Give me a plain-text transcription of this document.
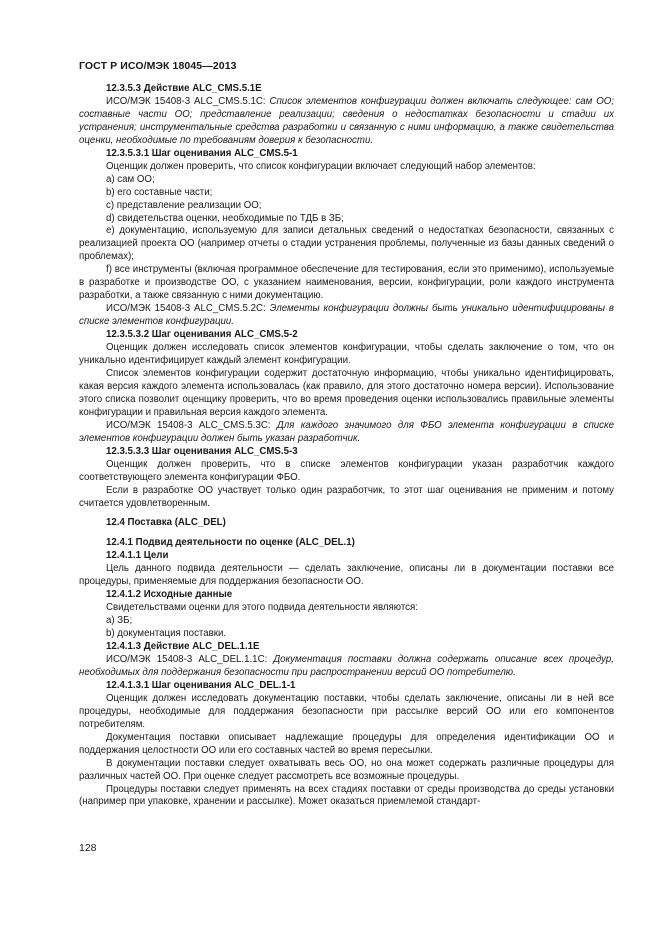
ГОСТ Р ИСО/МЭК 18045—2013

12.3.5.3 Действие ALC_CMS.5.1Е

ИСО/МЭК 15408-3 ALC_CMS.5.1C: Список элементов конфигурации должен включать следующее: сам ОО; составные части ОО; представление реализации; сведения о недостатках безопасности и стадии их устранения; инструментальные средства разработки и связанную с ними информацию, а также свидетельства оценки, необходимые по требованиям доверия к безопасности.

12.3.5.3.1 Шаг оценивания ALC_CMS.5-1

Оценщик должен проверить, что список конфигурации включает следующий набор элементов:

a) сам ОО;

b) его составные части;

c) представление реализации ОО;

d) свидетельства оценки, необходимые по ТДБ в ЗБ;

e) документацию, используемую для записи детальных сведений о недостатках безопасности, связанных с реализацией проекта ОО (например отчеты о стадии устранения проблемы, полученные из базы данных сведений о проблемах);

f) все инструменты (включая программное обеспечение для тестирования, если это применимо), используемые в разработке и производстве ОО, с указанием наименования, версии, конфигурации, роли каждого инструмента разработки, а также связанную с ними документацию.

ИСО/МЭК 15408-3 ALC_CMS.5.2C: Элементы конфигурации должны быть уникально идентифицированы в списке элементов конфигурации.

12.3.5.3.2 Шаг оценивания ALC_CMS.5-2

Оценщик должен исследовать список элементов конфигурации, чтобы сделать заключение о том, что он уникально идентифицирует каждый элемент конфигурации.

Список элементов конфигурации содержит достаточную информацию, чтобы уникально идентифицировать, какая версия каждого элемента использовалась (как правило, для этого достаточно номера версии). Использование этого списка позволит оценщику проверить, что во время проведения оценки использовались правильные элементы конфигурации и правильная версия каждого элемента.

ИСО/МЭК 15408-3 ALC_CMS.5.3C: Для каждого значимого для ФБО элемента конфигурации в списке элементов конфигурации должен быть указан разработчик.

12.3.5.3.3 Шаг оценивания ALC_CMS.5-3

Оценщик должен проверить, что в списке элементов конфигурации указан разработчик каждого соответствующего элемента конфигурации ФБО.

Если в разработке ОО участвует только один разработчик, то этот шаг оценивания не применим и потому считается удовлетворенным.

12.4 Поставка (ALC_DEL)

12.4.1 Подвид деятельности по оценке (ALC_DEL.1)

12.4.1.1 Цели

Цель данного подвида деятельности — сделать заключение, описаны ли в документации поставки все процедуры, применяемые для поддержания безопасности ОО.

12.4.1.2 Исходные данные

Свидетельствами оценки для этого подвида деятельности являются:

a) ЗБ;

b) документация поставки.

12.4.1.3 Действие ALC_DEL.1.1E

ИСО/МЭК 15408-3 ALC_DEL.1.1C: Документация поставки должна содержать описание всех процедур, необходимых для поддержания безопасности при распространении версий ОО потребителю.

12.4.1.3.1 Шаг оценивания ALC_DEL.1-1

Оценщик должен исследовать документацию поставки, чтобы сделать заключение, описаны ли в ней все процедуры, необходимые для поддержания безопасности при рассылке версий ОО или его компонентов потребителям.

Документация поставки описывает надлежащие процедуры для определения идентификации ОО и поддержания целостности ОО или его составных частей во время пересылки.

В документации поставки следует охватывать весь ОО, но она может содержать различные процедуры для различных частей ОО. При оценке следует рассмотреть все возможные процедуры.

Процедуры поставки следует применять на всех стадиях поставки от среды производства до среды установки (например при упаковке, хранении и рассылке). Может оказаться приемлемой стандарт-

128
